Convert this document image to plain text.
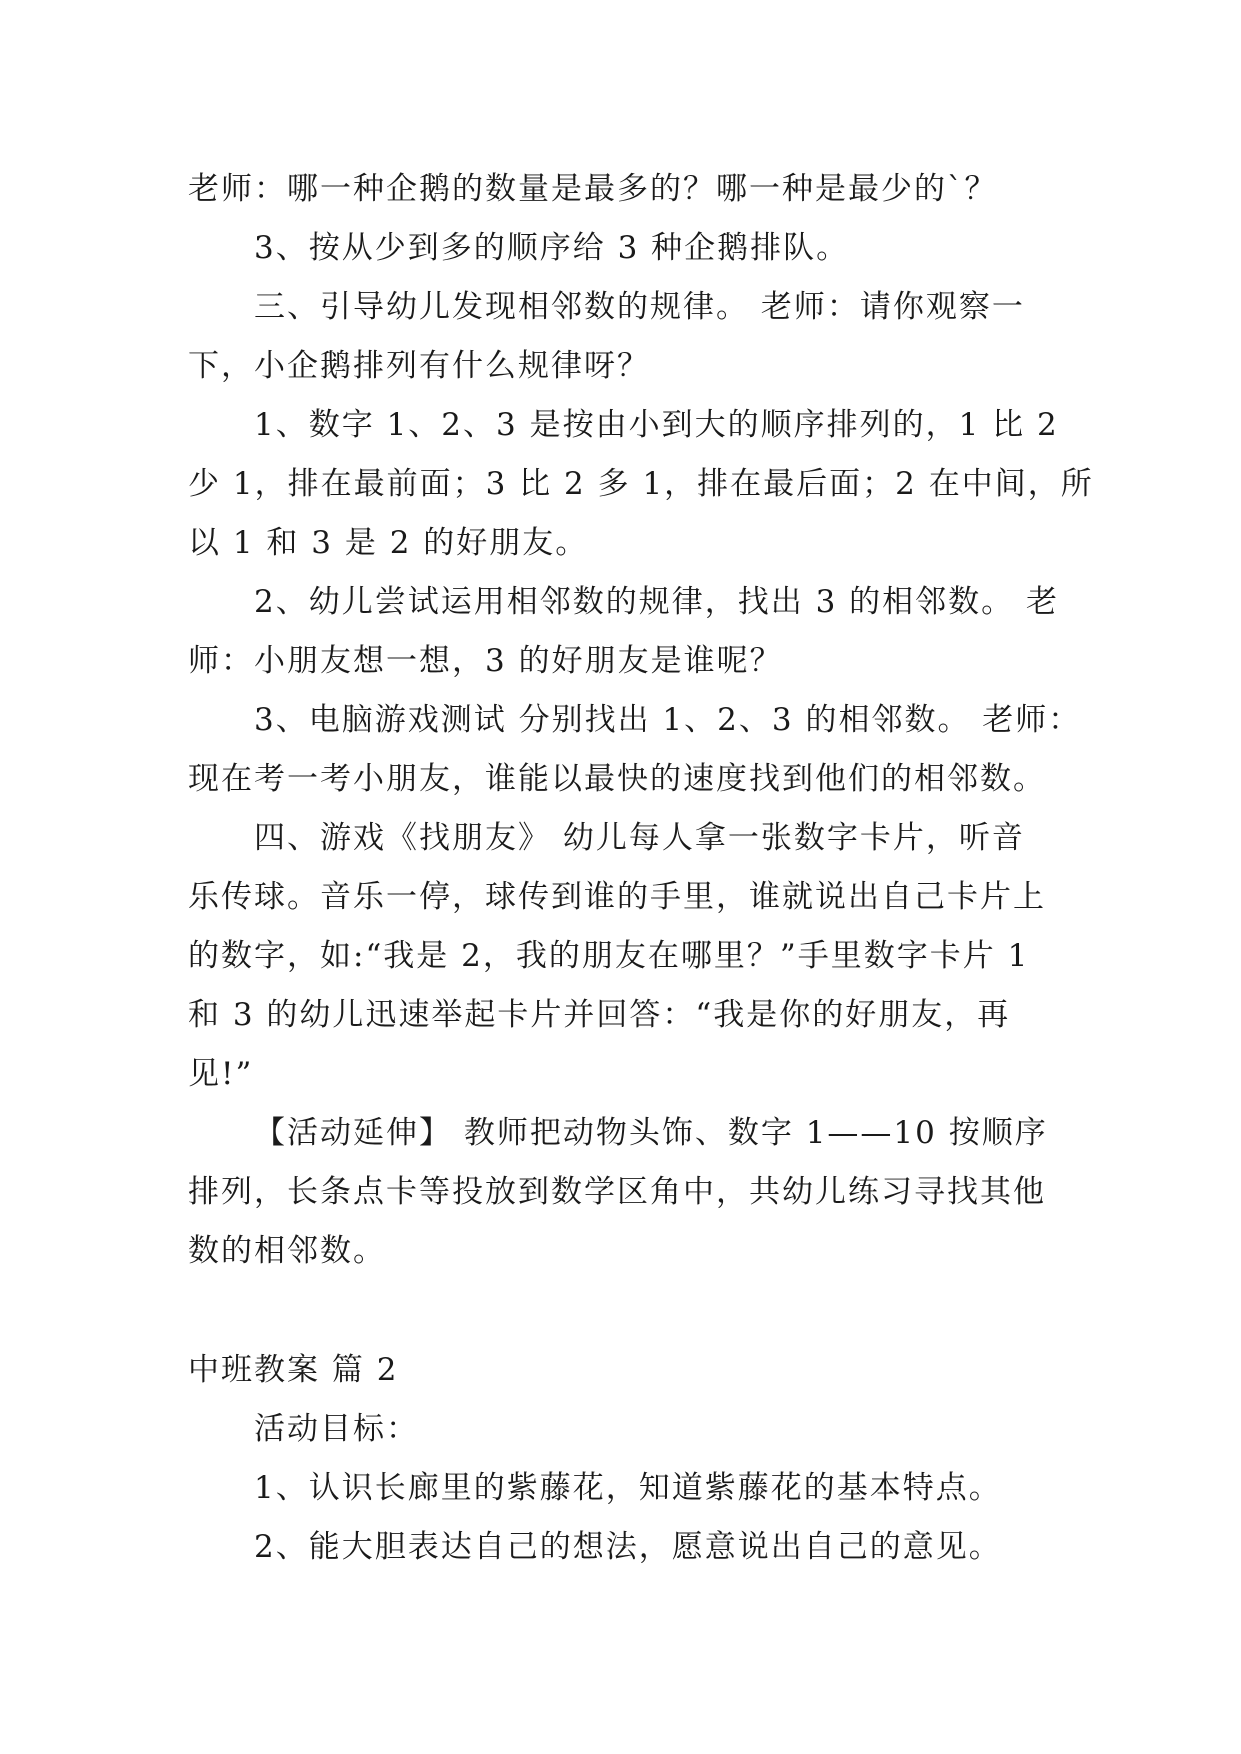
老师：哪一种企鹅的数量是最多的？哪一种是最少的`？
3、按从少到多的顺序给 3 种企鹅排队。
三、引导幼儿发现相邻数的规律。 老师：请你观察一
下，小企鹅排列有什么规律呀？
1、数字 1、2、3 是按由小到大的顺序排列的，1 比 2
少 1，排在最前面；3 比 2 多 1，排在最后面；2 在中间，所
以 1 和 3 是 2 的好朋友。
2、幼儿尝试运用相邻数的规律，找出 3 的相邻数。 老
师：小朋友想一想，3 的好朋友是谁呢？
3、电脑游戏测试 分别找出 1、2、3 的相邻数。 老师：
现在考一考小朋友，谁能以最快的速度找到他们的相邻数。
四、游戏《找朋友》 幼儿每人拿一张数字卡片，听音
乐传球。音乐一停，球传到谁的手里，谁就说出自己卡片上
的数字，如:“我是 2，我的朋友在哪里？”手里数字卡片 1
和 3 的幼儿迅速举起卡片并回答：“我是你的好朋友，再
见!”
【活动延伸】 教师把动物头饰、数字 1——10 按顺序
排列，长条点卡等投放到数学区角中，共幼儿练习寻找其他
数的相邻数。
中班教案 篇 2
活动目标：
1、认识长廊里的紫藤花，知道紫藤花的基本特点。
2、能大胆表达自己的想法，愿意说出自己的意见。
